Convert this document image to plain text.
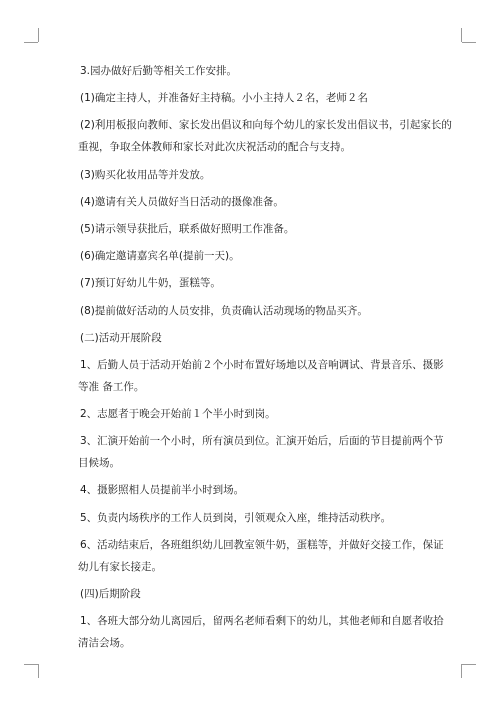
3.园办做好后勤等相关工作安排。

(1)确定主持人，并准备好主持稿。小小主持人２名，老师２名

(2)利用板报向教师、家长发出倡议和向每个幼儿的家长发出倡议书，引起家长的

重视，争取全体教师和家长对此次庆祝活动的配合与支持。

(3)购买化妆用品等并发放。

(4)邀请有关人员做好当日活动的摄像准备。

(5)请示领导获批后，联系做好照明工作准备。

(6)确定邀请嘉宾名单(提前一天)。

(7)预订好幼儿牛奶，蛋糕等。

(8)提前做好活动的人员安排，负责确认活动现场的物品买齐。

(二)活动开展阶段

1、后勤人员于活动开始前２个小时布置好场地以及音响调试、背景音乐、摄影

等准 备工作。

2、志愿者于晚会开始前１个半小时到岗。

3、汇演开始前一个小时，所有演员到位。汇演开始后，后面的节目提前两个节

目候场。

4、摄影照相人员提前半小时到场。

5、负责内场秩序的工作人员到岗，引领观众入座，维持活动秩序。

6、活动结束后，各班组织幼儿回教室领牛奶，蛋糕等，并做好交接工作，保证

幼儿有家长接走。

(四)后期阶段

1、各班大部分幼儿离园后，留两名老师看剩下的幼儿，其他老师和自愿者收拾

清洁会场。
